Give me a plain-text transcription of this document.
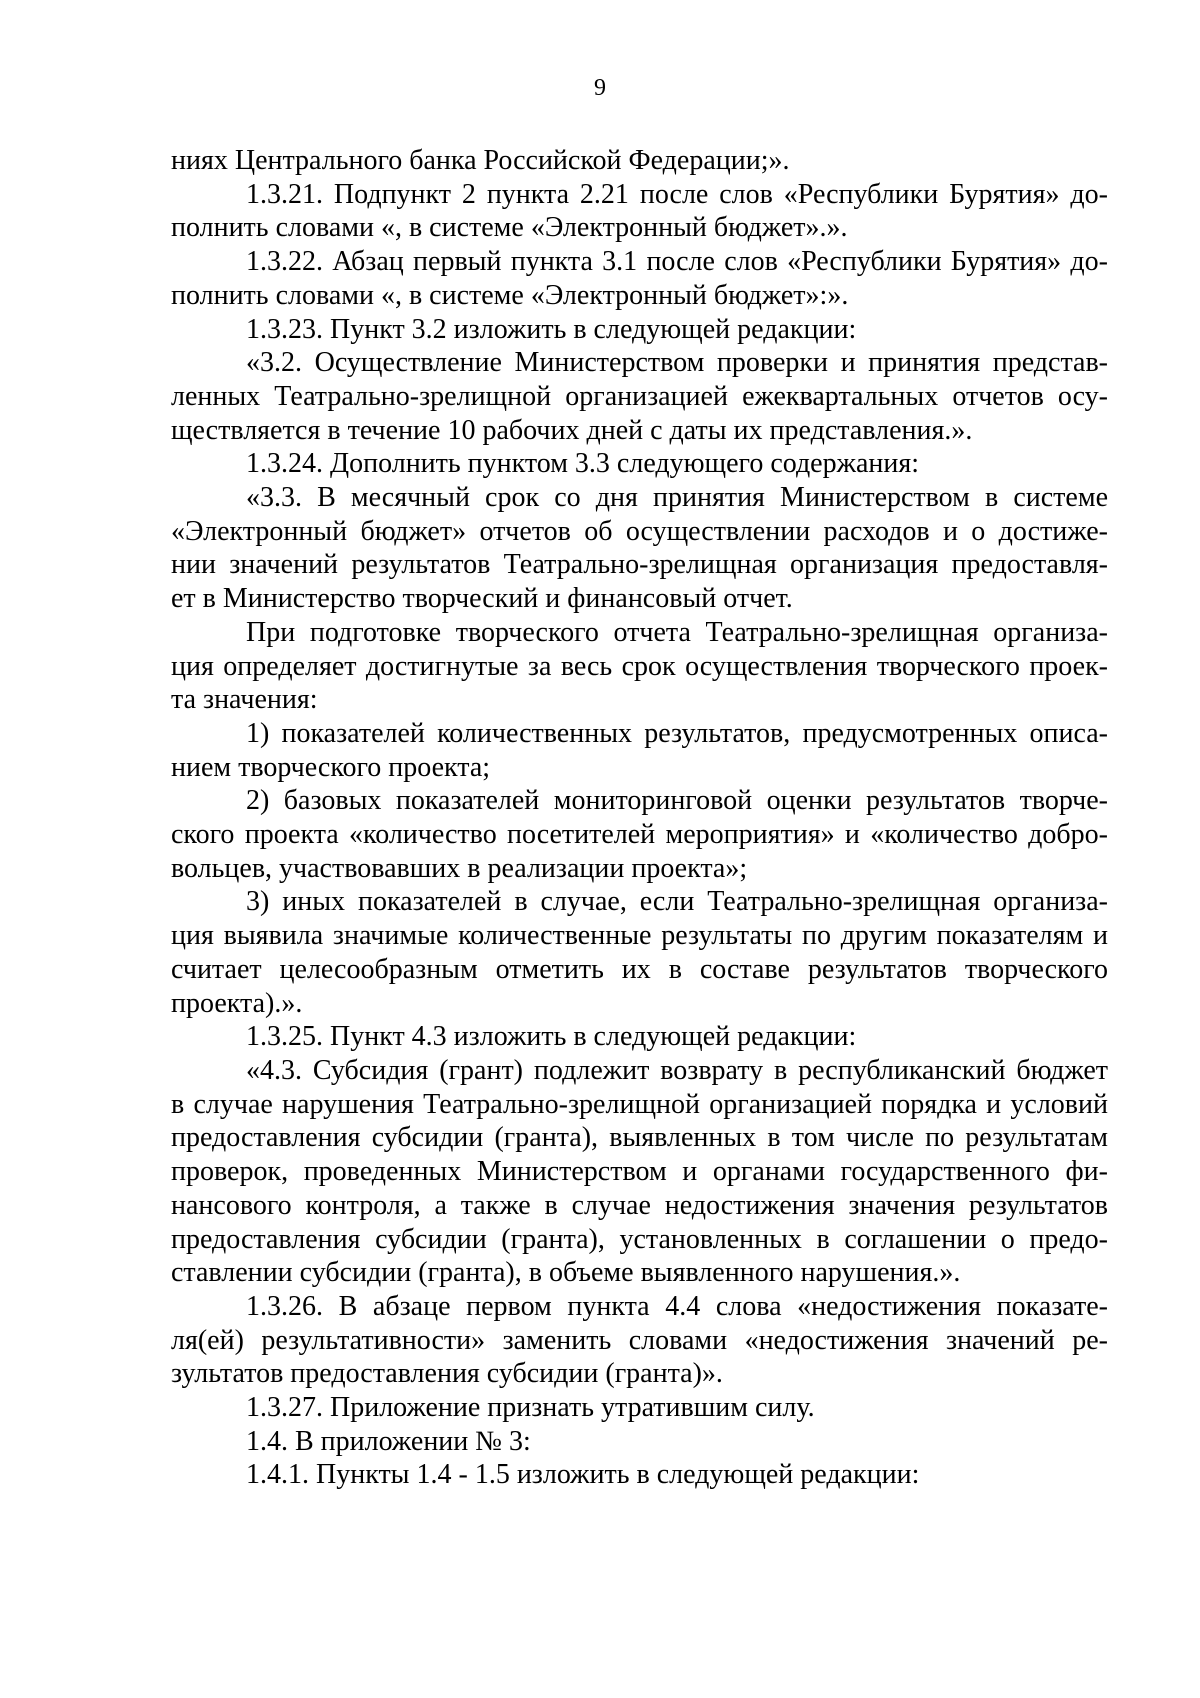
9
ниях Центрального банка Российской Федерации;».
1.3.21. Подпункт 2 пункта 2.21 после слов «Республики Бурятия» до-
полнить словами «, в системе «Электронный бюджет».».
1.3.22. Абзац первый пункта 3.1 после слов «Республики Бурятия» до-
полнить словами «, в системе «Электронный бюджет»:».
1.3.23. Пункт 3.2 изложить в следующей редакции:
«3.2. Осуществление Министерством проверки и принятия представ-
ленных Театрально-зрелищной организацией ежеквартальных отчетов осу-
ществляется в течение 10 рабочих дней с даты их представления.».
1.3.24. Дополнить пунктом 3.3 следующего содержания:
«3.3. В месячный срок со дня принятия Министерством в системе
«Электронный бюджет» отчетов об осуществлении расходов и о достиже-
нии значений результатов Театрально-зрелищная организация предоставля-
ет в Министерство творческий и финансовый отчет.
При подготовке творческого отчета Театрально-зрелищная организа-
ция определяет достигнутые за весь срок осуществления творческого проек-
та значения:
1) показателей количественных результатов, предусмотренных описа-
нием творческого проекта;
2) базовых показателей мониторинговой оценки результатов творче-
ского проекта «количество посетителей мероприятия» и «количество добро-
вольцев, участвовавших в реализации проекта»;
3) иных показателей в случае, если Театрально-зрелищная организа-
ция выявила значимые количественные результаты по другим показателям и
считает целесообразным отметить их в составе результатов творческого
проекта).».
1.3.25. Пункт 4.3 изложить в следующей редакции:
«4.3. Субсидия (грант) подлежит возврату в республиканский бюджет
в случае нарушения Театрально-зрелищной организацией порядка и условий
предоставления субсидии (гранта), выявленных в том числе по результатам
проверок, проведенных Министерством и органами государственного фи-
нансового контроля, а также в случае недостижения значения результатов
предоставления субсидии (гранта), установленных в соглашении о предо-
ставлении субсидии (гранта), в объеме выявленного нарушения.».
1.3.26. В абзаце первом пункта 4.4 слова «недостижения показате-
ля(ей) результативности» заменить словами «недостижения значений ре-
зультатов предоставления субсидии (гранта)».
1.3.27. Приложение признать утратившим силу.
1.4. В приложении № 3:
1.4.1. Пункты 1.4 - 1.5 изложить в следующей редакции:
